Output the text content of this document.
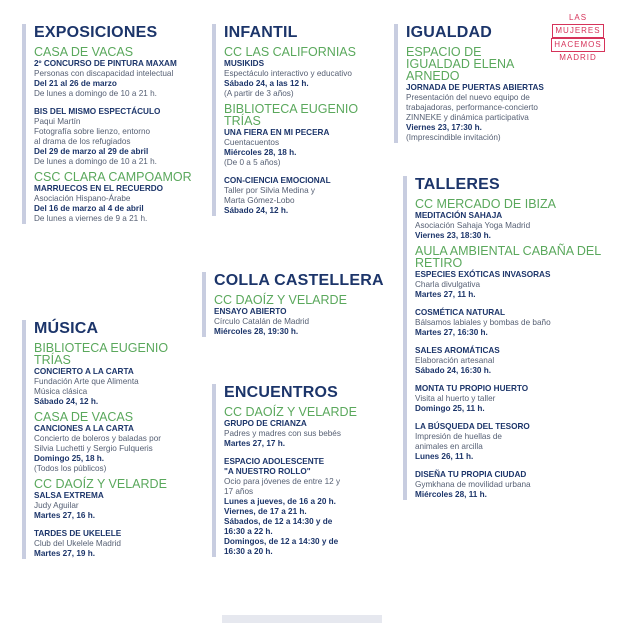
EXPOSICIONES
CASA DE VACAS
2º CONCURSO DE PINTURA MAXAM
Personas con discapacidad intelectual
Del 21 al 26 de marzo
De lunes a domingo de 10 a 21 h.
BIS DEL MISMO ESPECTÁCULO
Paqui Martín
Fotografía sobre lienzo, entorno
al drama de los refugiados
Del 29 de marzo al 29 de abril
De lunes a domingo de 10 a 21 h.
CSC CLARA CAMPOAMOR
MARRUECOS EN EL RECUERDO
Asociación Hispano-Árabe
Del 16 de marzo al 4 de abril
De lunes a viernes de 9 a 21 h.
MÚSICA
BIBLIOTECA EUGENIO TRÍAS
CONCIERTO A LA CARTA
Fundación Arte que Alimenta
Música clásica
Sábado 24, 12 h.
CASA DE VACAS
CANCIONES A LA CARTA
Concierto de boleros y baladas por
Silvia Luchetti y Sergio Fulqueris
Domingo 25, 18 h.
(Todos los públicos)
CC DAOÍZ Y VELARDE
SALSA EXTREMA
Judy Aguilar
Martes 27, 16 h.
TARDES DE UKELELE
Club del Ukelele Madrid
Martes 27, 19 h.
INFANTIL
CC LAS CALIFORNIAS
MUSIKIDS
Espectáculo interactivo y educativo
Sábado 24, a las 12 h.
(A partir de 3 años)
BIBLIOTECA EUGENIO TRÍAS
UNA FIERA EN MI PECERA
Cuentacuentos
Miércoles 28, 18 h.
(De 0 a 5 años)
CON-CIENCIA EMOCIONAL
Taller por Silvia Medina y
Marta Gómez-Lobo
Sábado 24, 12 h.
COLLA CASTELLERA
CC DAOÍZ Y VELARDE
ENSAYO ABIERTO
Círculo Catalán de Madrid
Miércoles 28, 19:30 h.
ENCUENTROS
CC DAOÍZ Y VELARDE
GRUPO DE CRIANZA
Padres y madres con sus bebés
Martes 27, 17 h.
ESPACIO ADOLESCENTE
"A NUESTRO ROLLO"
Ocio para jóvenes de entre 12 y
17 años
Lunes a jueves, de 16 a 20 h.
Viernes, de 17 a 21 h.
Sábados, de 12 a 14:30 y de
16:30 a 22 h.
Domingos, de 12 a 14:30 y de
16:30 a 20 h.
IGUALDAD
ESPACIO DE IGUALDAD ELENA ARNEDO
JORNADA DE PUERTAS ABIERTAS
Presentación del nuevo equipo de
trabajadoras, performance-concierto
ZINNEKE y dinámica participativa
Viernes 23, 17:30 h.
(Imprescindible invitación)
TALLERES
CC MERCADO DE IBIZA
MEDITACIÓN SAHAJA
Asociación Sahaja Yoga Madrid
Viernes 23, 18:30 h.
AULA AMBIENTAL CABAÑA DEL RETIRO
ESPECIES EXÓTICAS INVASORAS
Charla divulgativa
Martes 27, 11 h.
COSMÉTICA NATURAL
Bálsamos labiales y bombas de baño
Martes 27, 16:30 h.
SALES AROMÁTICAS
Elaboración artesanal
Sábado 24, 16:30 h.
MONTA TU PROPIO HUERTO
Visita al huerto y taller
Domingo 25, 11 h.
LA BÚSQUEDA DEL TESORO
Impresión de huellas de
animales en arcilla
Lunes 26, 11 h.
DISEÑA TU PROPIA CIUDAD
Gymkhana de movilidad urbana
Miércoles 28, 11 h.
LAS
MUJERES HACEMOS
MADRID
